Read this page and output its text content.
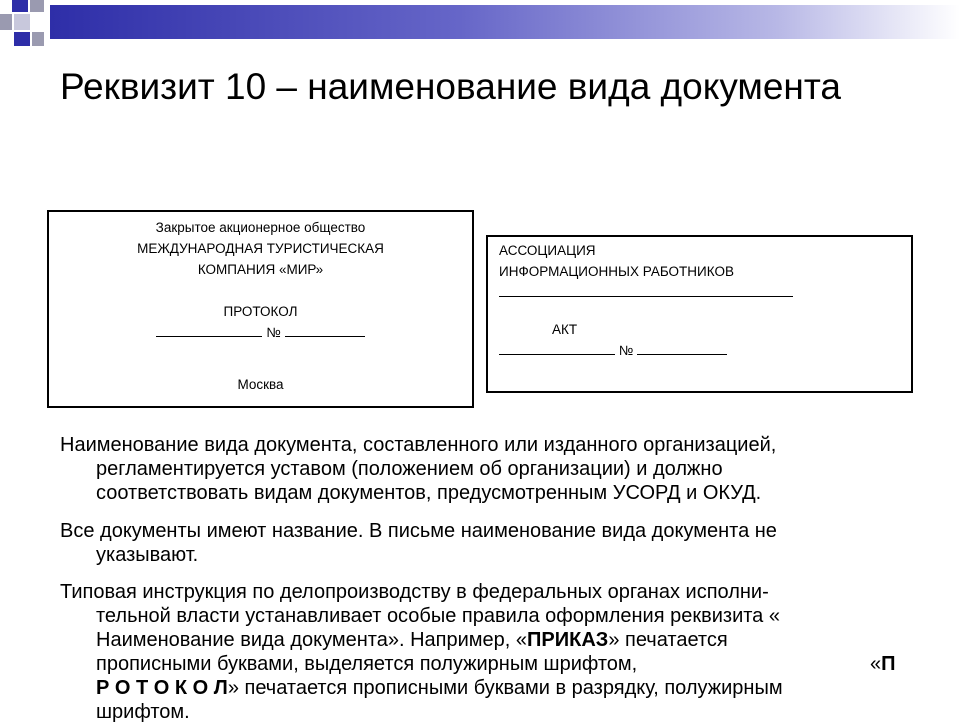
Реквизит 10 – наименование вида документа
Закрытое акционерное общество
МЕЖДУНАРОДНАЯ ТУРИСТИЧЕСКАЯ
КОМПАНИЯ «МИР»
ПРОТОКОЛ
№
Москва
АССОЦИАЦИЯ
ИНФОРМАЦИОННЫХ РАБОТНИКОВ
АКТ
№

Наименование вида документа, составленного или изданного организацией,
регламентируется уставом (положением об организации) и должно
соответствовать видам документов, предусмотренным УСОРД и ОКУД.

Все документы имеют название. В письме наименование вида документа не
указывают.

Типовая инструкция по делопроизводству в федеральных органах исполни-
тельной власти устанавливает особые правила оформления реквизита «
Наименование вида документа». Например, «ПРИКАЗ» печатается
прописными буквами, выделяется полужирным шрифтом,	«П
Р О Т О К О Л» печатается прописными буквами в разрядку, полужирным
шрифтом.
